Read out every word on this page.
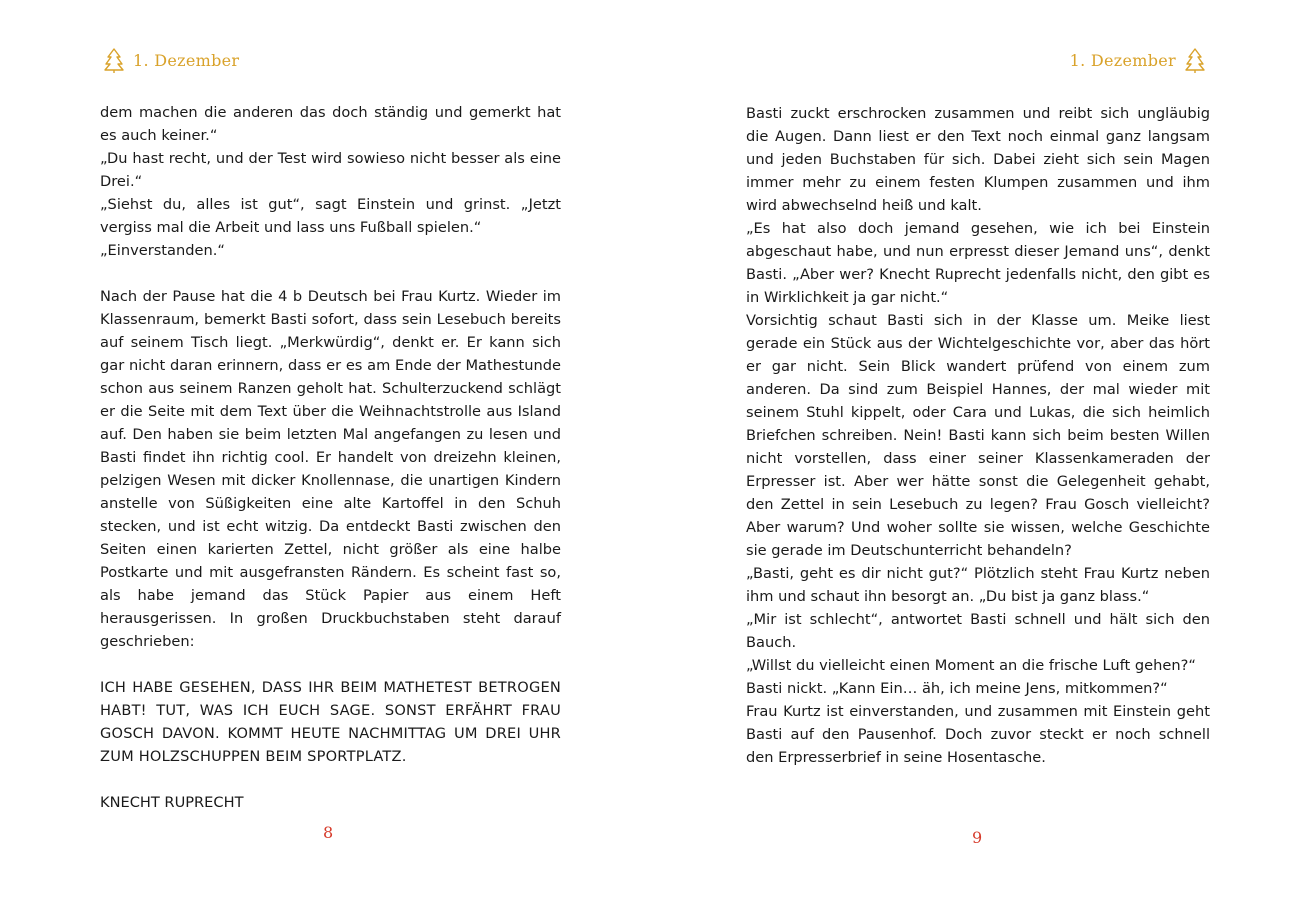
1. Dezember

dem machen die anderen das doch ständig und gemerkt hat es auch keiner.“

„Du hast recht, und der Test wird sowieso nicht besser als eine Drei.“

„Siehst du, alles ist gut“, sagt Einstein und grinst. „Jetzt vergiss mal die Arbeit und lass uns Fußball spielen.“

„Einverstanden.“

Nach der Pause hat die 4 b Deutsch bei Frau Kurtz. Wieder im Klassenraum, bemerkt Basti sofort, dass sein Lesebuch bereits auf seinem Tisch liegt. „Merkwürdig“, denkt er. Er kann sich gar nicht daran erinnern, dass er es am Ende der Mathestunde schon aus seinem Ranzen geholt hat. Schulterzuckend schlägt er die Seite mit dem Text über die Weihnachtstrolle aus Island auf. Den haben sie beim letzten Mal angefangen zu lesen und Basti findet ihn richtig cool. Er handelt von dreizehn kleinen, pelzigen Wesen mit dicker Knollennase, die unartigen Kindern anstelle von Süßigkeiten eine alte Kartoffel in den Schuh stecken, und ist echt witzig. Da entdeckt Basti zwischen den Seiten einen karierten Zettel, nicht größer als eine halbe Postkarte und mit ausgefransten Rändern. Es scheint fast so, als habe jemand das Stück Papier aus einem Heft herausgerissen. In großen Druckbuchstaben steht darauf geschrieben:

ICH HABE GESEHEN, DASS IHR BEIM MATHETEST BETROGEN HABT! TUT, WAS ICH EUCH SAGE. SONST ERFÄHRT FRAU GOSCH DAVON. KOMMT HEUTE NACHMITTAG UM DREI UHR ZUM HOLZSCHUPPEN BEIM SPORTPLATZ.

KNECHT RUPRECHT

8
1. Dezember

Basti zuckt erschrocken zusammen und reibt sich ungläubig die Augen. Dann liest er den Text noch einmal ganz langsam und jeden Buchstaben für sich. Dabei zieht sich sein Magen immer mehr zu einem festen Klumpen zusammen und ihm wird abwechselnd heiß und kalt.

„Es hat also doch jemand gesehen, wie ich bei Einstein abgeschaut habe, und nun erpresst dieser Jemand uns“, denkt Basti. „Aber wer? Knecht Ruprecht jedenfalls nicht, den gibt es in Wirklichkeit ja gar nicht.“

Vorsichtig schaut Basti sich in der Klasse um. Meike liest gerade ein Stück aus der Wichtelgeschichte vor, aber das hört er gar nicht. Sein Blick wandert prüfend von einem zum anderen. Da sind zum Beispiel Hannes, der mal wieder mit seinem Stuhl kippelt, oder Cara und Lukas, die sich heimlich Briefchen schreiben. Nein! Basti kann sich beim besten Willen nicht vorstellen, dass einer seiner Klassenkameraden der Erpresser ist. Aber wer hätte sonst die Gelegenheit gehabt, den Zettel in sein Lesebuch zu legen? Frau Gosch vielleicht? Aber warum? Und woher sollte sie wissen, welche Geschichte sie gerade im Deutschunterricht behandeln?

„Basti, geht es dir nicht gut?“ Plötzlich steht Frau Kurtz neben ihm und schaut ihn besorgt an. „Du bist ja ganz blass.“

„Mir ist schlecht“, antwortet Basti schnell und hält sich den Bauch.

„Willst du vielleicht einen Moment an die frische Luft gehen?“

Basti nickt. „Kann Ein… äh, ich meine Jens, mitkommen?“

Frau Kurtz ist einverstanden, und zusammen mit Einstein geht Basti auf den Pausenhof. Doch zuvor steckt er noch schnell den Erpresserbrief in seine Hosentasche.

9
